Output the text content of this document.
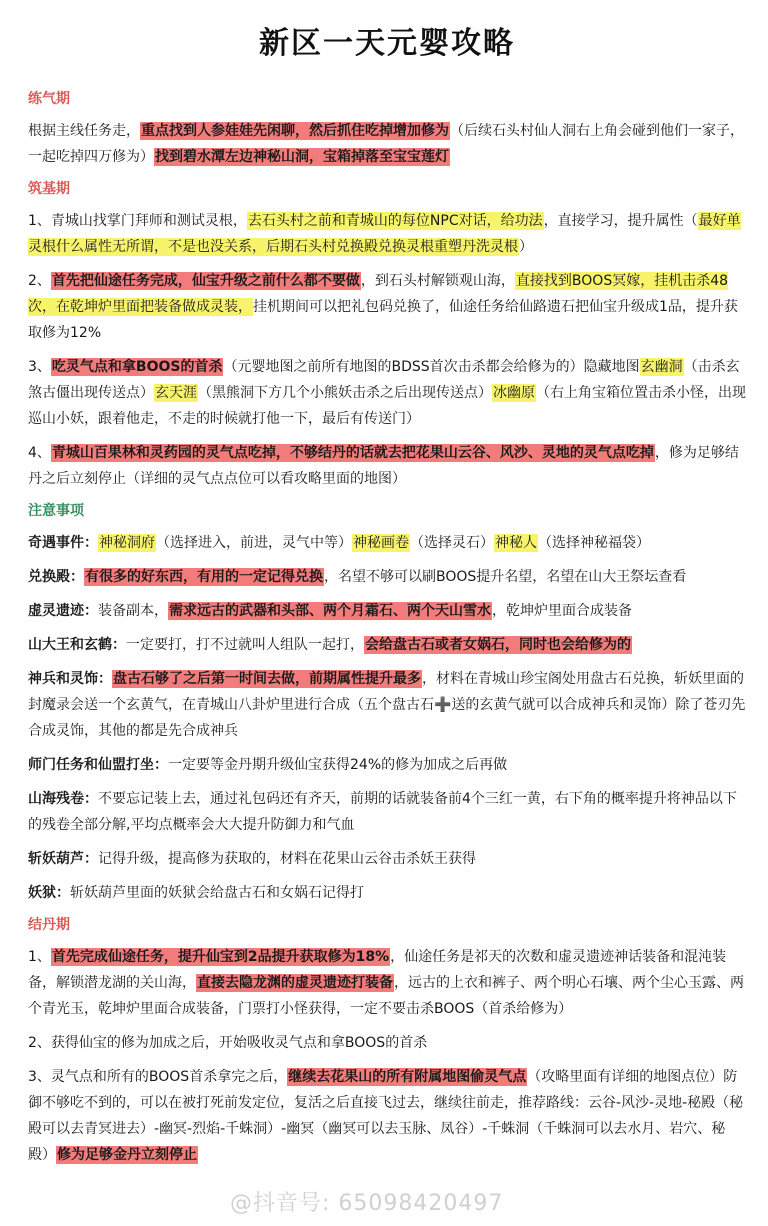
新区一天元婴攻略
练气期
根据主线任务走，重点找到人参娃娃先闲聊，然后抓住吃掉增加修为（后续石头村仙人洞右上角会碰到他们一家子，一起吃掉四万修为）找到碧水潭左边神秘山洞，宝箱掉落至宝宝莲灯
筑基期
1、青城山找掌门拜师和测试灵根，去石头村之前和青城山的每位NPC对话，给功法，直接学习，提升属性（最好单灵根什么属性无所谓，不是也没关系，后期石头村兑换殿兑换灵根重塑丹洗灵根）
2、首先把仙途任务完成，仙宝升级之前什么都不要做，到石头村解锁观山海，直接找到BOOS冥嫁，挂机击杀48次，在乾坤炉里面把装备做成灵装，挂机期间可以把礼包码兑换了，仙途任务给仙路遗石把仙宝升级成1品，提升获取修为12%
3、吃灵气点和拿BOOS的首杀（元婴地图之前所有地图的BDSS首次击杀都会给修为的）隐藏地图玄幽洞（击杀玄煞古僵出现传送点）玄天涯（黑熊洞下方几个小熊妖击杀之后出现传送点）冰幽原（右上角宝箱位置击杀小怪，出现巡山小妖，跟着他走，不走的时候就打他一下，最后有传送门）
4、青城山百果林和灵药园的灵气点吃掉，不够结丹的话就去把花果山云谷、风沙、灵地的灵气点吃掉，修为足够结丹之后立刻停止（详细的灵气点点位可以看攻略里面的地图）
注意事项
奇遇事件：神秘洞府（选择进入，前进，灵气中等）神秘画卷（选择灵石）神秘人（选择神秘福袋）
兑换殿：有很多的好东西，有用的一定记得兑换，名望不够可以刷BOOS提升名望，名望在山大王祭坛查看
虚灵遗迹：装备副本，需求远古的武器和头部、两个月霜石、两个天山雪水，乾坤炉里面合成装备
山大王和玄鹤：一定要打，打不过就叫人组队一起打，会给盘古石或者女娲石，同时也会给修为的
神兵和灵饰：盘古石够了之后第一时间去做，前期属性提升最多，材料在青城山珍宝阁处用盘古石兑换，斩妖里面的封魔录会送一个玄黄气，在青城山八卦炉里进行合成（五个盘古石➕送的玄黄气就可以合成神兵和灵饰）除了苍刃先合成灵饰，其他的都是先合成神兵
师门任务和仙盟打坐：一定要等金丹期升级仙宝获得24%的修为加成之后再做
山海残卷：不要忘记装上去，通过礼包码还有齐天，前期的话就装备前4个三红一黄，右下角的概率提升将神品以下的残卷全部分解,平均点概率会大大提升防御力和气血
斩妖葫芦：记得升级，提高修为获取的，材料在花果山云谷击杀妖王获得
妖狱：斩妖葫芦里面的妖狱会给盘古石和女娲石记得打
结丹期
1、首先完成仙途任务，提升仙宝到2品提升获取修为18%，仙途任务是祁天的次数和虚灵遗迹神话装备和混沌装备，解锁潜龙湖的关山海，直接去隐龙渊的虚灵遗迹打装备，远古的上衣和裤子、两个明心石壤、两个尘心玉露、两个青光玉，乾坤炉里面合成装备，门票打小怪获得，一定不要击杀BOOS（首杀给修为）
2、获得仙宝的修为加成之后，开始吸收灵气点和拿BOOS的首杀
3、灵气点和所有的BOOS首杀拿完之后，继续去花果山的所有附属地图偷灵气点（攻略里面有详细的地图点位）防御不够吃不到的，可以在被打死前发定位，复活之后直接飞过去，继续往前走，推荐路线：云谷-风沙-灵地-秘殿（秘殿可以去青冥进去）-幽冥-烈焰-千蛛洞）-幽冥（幽冥可以去玉脉、凤谷）-千蛛洞（千蛛洞可以去水月、岩穴、秘殿）修为足够金丹立刻停止
@抖音号: 65098420497
